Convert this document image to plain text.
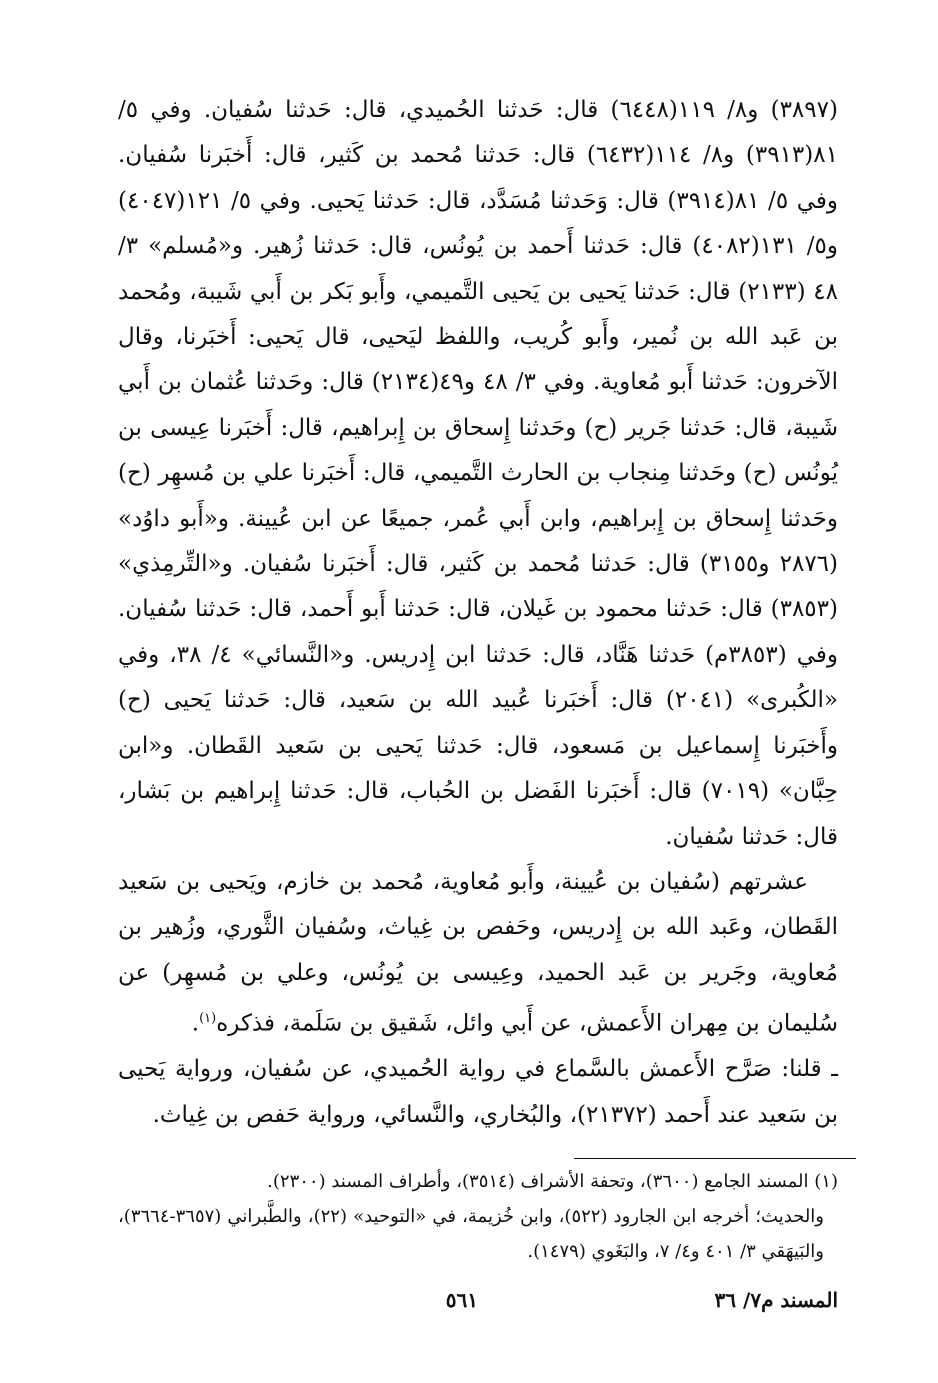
(٣٨٩٧) و٨/ ١١٩(٦٤٤٨) قال: حَدثنا الحُميدي، قال: حَدثنا سُفيان. وفي ٥/ ٨١(٣٩١٣) و٨/ ١١٤(٦٤٣٢) قال: حَدثنا مُحمد بن كَثير، قال: أَخبَرنا سُفيان. وفي ٥/ ٨١(٣٩١٤) قال: وَحَدثنا مُسَدَّد، قال: حَدثنا يَحيى. وفي ٥/ ١٢١(٤٠٤٧) و٥/ ١٣١(٤٠٨٢) قال: حَدثنا أَحمد بن يُونُس، قال: حَدثنا زُهير. و«مُسلم» ٣/ ٤٨ (٢١٣٣) قال: حَدثنا يَحيى بن يَحيى التَّميمي، وأَبو بَكر بن أَبي شَيبة، ومُحمد بن عَبد الله بن نُمير، وأَبو كُريب، واللفظ ليَحيى، قال يَحيى: أَخبَرنا، وقال الآخرون: حَدثنا أَبو مُعاوية. وفي ٣/ ٤٨ و٤٩(٢١٣٤) قال: وحَدثنا عُثمان بن أَبي شَيبة، قال: حَدثنا جَرير (ح) وحَدثنا إِسحاق بن إِبراهيم، قال: أَخبَرنا عِيسى بن يُونُس (ح) وحَدثنا مِنجاب بن الحارث التَّميمي، قال: أَخبَرنا علي بن مُسهِر (ح) وحَدثنا إِسحاق بن إِبراهيم، وابن أَبي عُمر، جميعًا عن ابن عُيينة. و«أَبو داوُد» (٢٨٧٦ و٣١٥٥) قال: حَدثنا مُحمد بن كَثير، قال: أَخبَرنا سُفيان. و«التِّرمِذي» (٣٨٥٣) قال: حَدثنا محمود بن غَيلان، قال: حَدثنا أَبو أَحمد، قال: حَدثنا سُفيان. وفي (٣٨٥٣م) حَدثنا هَنَّاد، قال: حَدثنا ابن إِدريس. و«النَّسائي» ٤/ ٣٨، وفي «الكُبرى» (٢٠٤١) قال: أَخبَرنا عُبيد الله بن سَعيد، قال: حَدثنا يَحيى (ح) وأَخبَرنا إِسماعيل بن مَسعود، قال: حَدثنا يَحيى بن سَعيد القَطان. و«ابن حِبَّان» (٧٠١٩) قال: أَخبَرنا الفَضل بن الحُباب، قال: حَدثنا إِبراهيم بن بَشار، قال: حَدثنا سُفيان.

عشرتهم (سُفيان بن عُيينة، وأَبو مُعاوية، مُحمد بن خازم، ويَحيى بن سَعيد القَطان، وعَبد الله بن إِدريس، وحَفص بن غِياث، وسُفيان الثَّوري، وزُهير بن مُعاوية، وجَرير بن عَبد الحميد، وعِيسى بن يُونُس، وعلي بن مُسهِر) عن سُليمان بن مِهران الأَعمش، عن أَبي وائل، شَقيق بن سَلَمة، فذكره$^{(١)}$.

ـ قلنا: صَرَّح الأَعمش بالسَّماع في رواية الحُميدي، عن سُفيان، ورواية يَحيى بن سَعيد عند أَحمد (٢١٣٧٢)، والبُخاري، والنَّسائي، ورواية حَفص بن غِياث.

(١) المسند الجامع (٣٦٠٠)، وتحفة الأشراف (٣٥١٤)، وأطراف المسند (٢٣٠٠).

والحديث؛ أخرجه ابن الجارود (٥٢٢)، وابن خُزيمة، في «التوحيد» (٢٢)، والطَّبراني (٣٦٥٧-٣٦٦٤)، والبَيهَقي ٣/ ٤٠١ و٤/ ٧، والبَغَوي (١٤٧٩).

المسند م٧/ ٣٦
٥٦١
